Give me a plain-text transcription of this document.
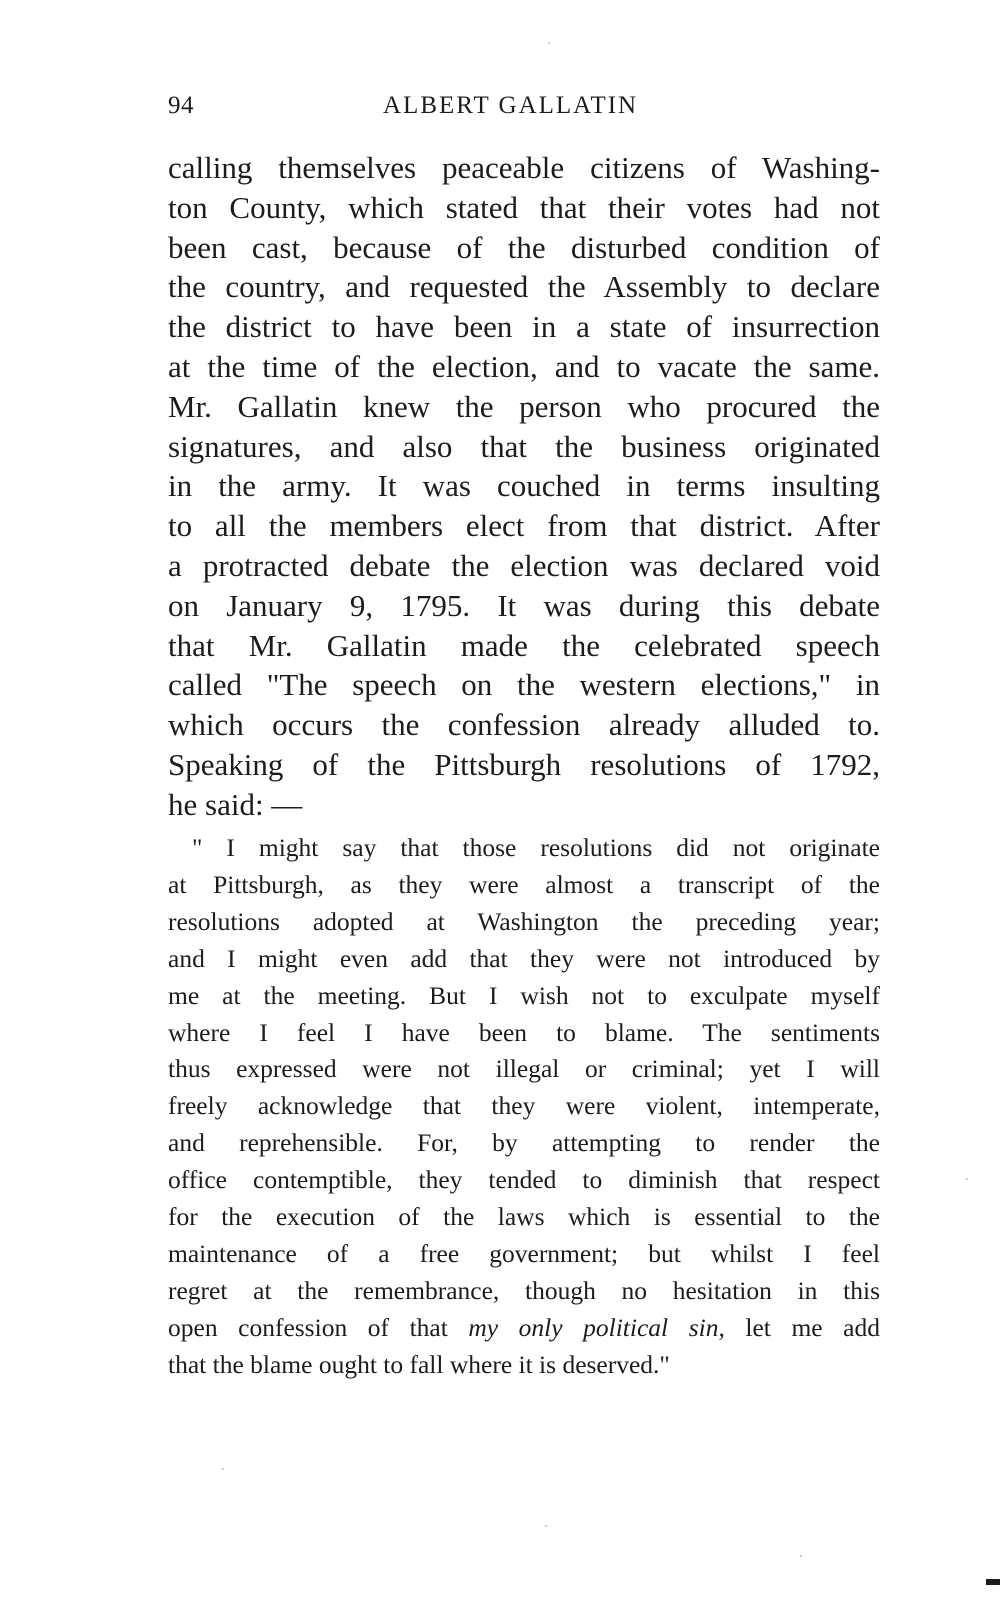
94	ALBERT GALLATIN
calling themselves peaceable citizens of Washing-
ton County, which stated that their votes had not
been cast, because of the disturbed condition of
the country, and requested the Assembly to declare
the district to have been in a state of insurrection
at the time of the election, and to vacate the same.
Mr. Gallatin knew the person who procured the
signatures, and also that the business originated
in the army. It was couched in terms insulting
to all the members elect from that district. After
a protracted debate the election was declared void
on January 9, 1795. It was during this debate
that Mr. Gallatin made the celebrated speech
called "The speech on the western elections," in
which occurs the confession already alluded to.
Speaking of the Pittsburgh resolutions of 1792,
he said: —
" I might say that those resolutions did not originate
at Pittsburgh, as they were almost a transcript of the
resolutions adopted at Washington the preceding year;
and I might even add that they were not introduced by
me at the meeting. But I wish not to exculpate myself
where I feel I have been to blame. The sentiments
thus expressed were not illegal or criminal; yet I will
freely acknowledge that they were violent, intemperate,
and reprehensible. For, by attempting to render the
office contemptible, they tended to diminish that respect
for the execution of the laws which is essential to the
maintenance of a free government; but whilst I feel
regret at the remembrance, though no hesitation in this
open confession of that my only political sin, let me add
that the blame ought to fall where it is deserved."
